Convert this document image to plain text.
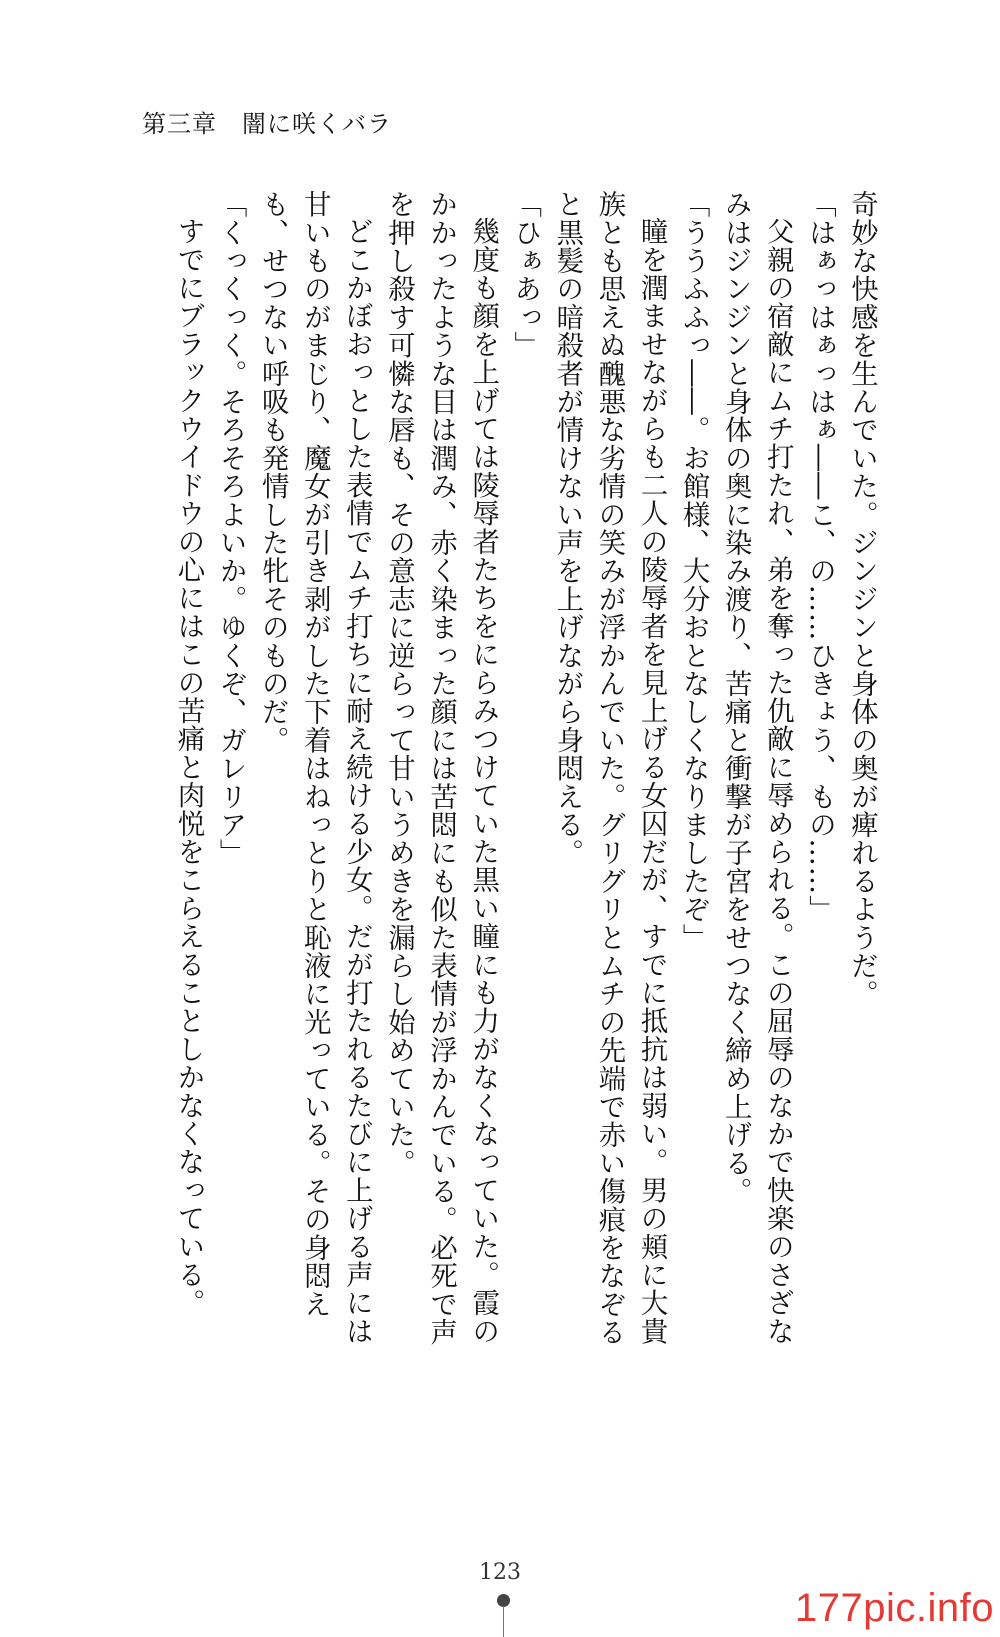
第三章　闇に咲くバラ

奇妙な快感を生んでいた。ジンジンと身体の奥が痺れるようだ。

「はぁっはぁっはぁ――こ、の……ひきょう、もの……」

父親の宿敵にムチ打たれ、弟を奪った仇敵に辱められる。この屈辱のなかで快楽のさざなみはジンジンと身体の奥に染み渡り、苦痛と衝撃が子宮をせつなく締め上げる。

「ううふふっ――。お館様、大分おとなしくなりましたぞ」

瞳を潤ませながらも二人の陵辱者を見上げる女囚だが、すでに抵抗は弱い。男の頬に大貴族とも思えぬ醜悪な劣情の笑みが浮かんでいた。グリグリとムチの先端で赤い傷痕をなぞると黒髪の暗殺者が情けない声を上げながら身悶える。

「ひぁあっ」

幾度も顔を上げては陵辱者たちをにらみつけていた黒い瞳にも力がなくなっていた。霞のかかったような目は潤み、赤く染まった顔には苦悶にも似た表情が浮かんでいる。必死で声を押し殺す可憐な唇も、その意志に逆らって甘いうめきを漏らし始めていた。

どこかぼおっとした表情でムチ打ちに耐え続ける少女。だが打たれるたびに上げる声には甘いものがまじり、魔女が引き剥がした下着はねっとりと恥液に光っている。その身悶えも、せつない呼吸も発情した牝そのものだ。

「くっくっく。そろそろよいか。ゆくぞ、ガレリア」

すでにブラックウイドウの心にはこの苦痛と肉悦をこらえることしかなくなっている。

123
177pic.info
